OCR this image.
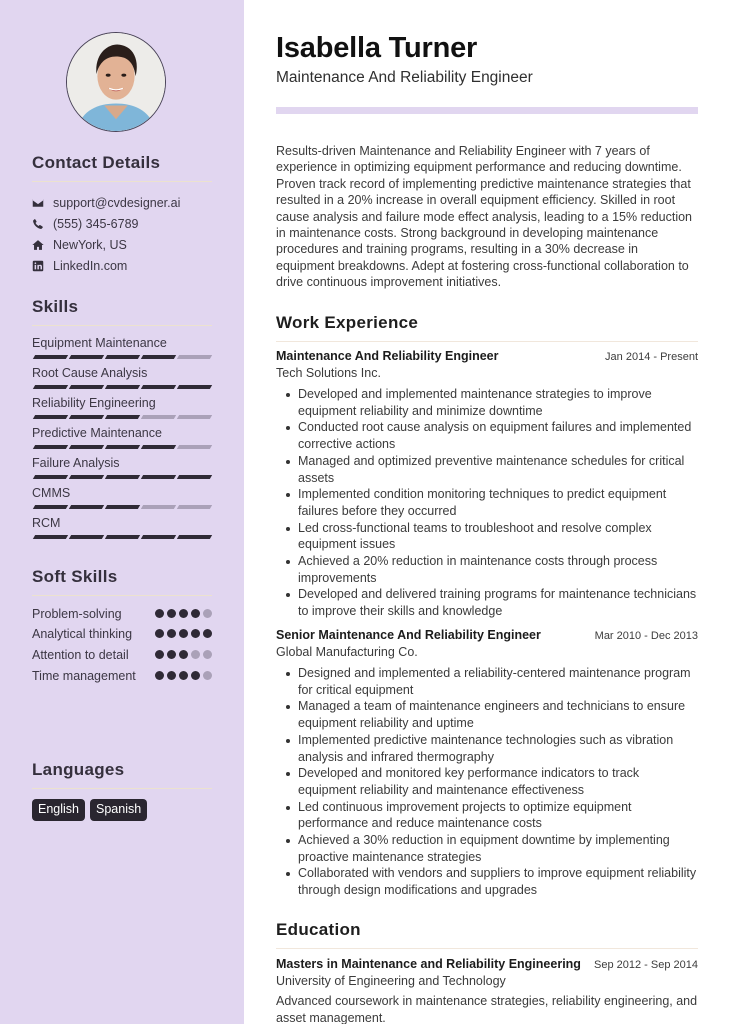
Contact Details
support@cvdesigner.ai
(555) 345-6789
NewYork, US
LinkedIn.com
Skills
Equipment Maintenance
Root Cause Analysis
Reliability Engineering
Predictive Maintenance
Failure Analysis
CMMS
RCM
Soft Skills
Problem-solving
Analytical thinking
Attention to detail
Time management
Languages
English	Spanish
Isabella Turner
Maintenance And Reliability Engineer

Results-driven Maintenance and Reliability Engineer with 7 years of experience in optimizing equipment performance and reducing downtime. Proven track record of implementing predictive maintenance strategies that resulted in a 20% increase in overall equipment efficiency. Skilled in root cause analysis and failure mode effect analysis, leading to a 15% reduction in maintenance costs. Strong background in developing maintenance procedures and training programs, resulting in a 30% decrease in equipment breakdowns. Adept at fostering cross-functional collaboration to drive continuous improvement initiatives.

Work Experience
Maintenance And Reliability Engineer	Jan 2014 - Present
Tech Solutions Inc.
Developed and implemented maintenance strategies to improve equipment reliability and minimize downtime
Conducted root cause analysis on equipment failures and implemented corrective actions
Managed and optimized preventive maintenance schedules for critical assets
Implemented condition monitoring techniques to predict equipment failures before they occurred
Led cross-functional teams to troubleshoot and resolve complex equipment issues
Achieved a 20% reduction in maintenance costs through process improvements
Developed and delivered training programs for maintenance technicians to improve their skills and knowledge
Senior Maintenance And Reliability Engineer	Mar 2010 - Dec 2013
Global Manufacturing Co.
Designed and implemented a reliability-centered maintenance program for critical equipment
Managed a team of maintenance engineers and technicians to ensure equipment reliability and uptime
Implemented predictive maintenance technologies such as vibration analysis and infrared thermography
Developed and monitored key performance indicators to track equipment reliability and maintenance effectiveness
Led continuous improvement projects to optimize equipment performance and reduce maintenance costs
Achieved a 30% reduction in equipment downtime by implementing proactive maintenance strategies
Collaborated with vendors and suppliers to improve equipment reliability through design modifications and upgrades
Education
Masters in Maintenance and Reliability Engineering Sep 2012 - Sep 2014
University of Engineering and Technology
Advanced coursework in maintenance strategies, reliability engineering, and asset management.
